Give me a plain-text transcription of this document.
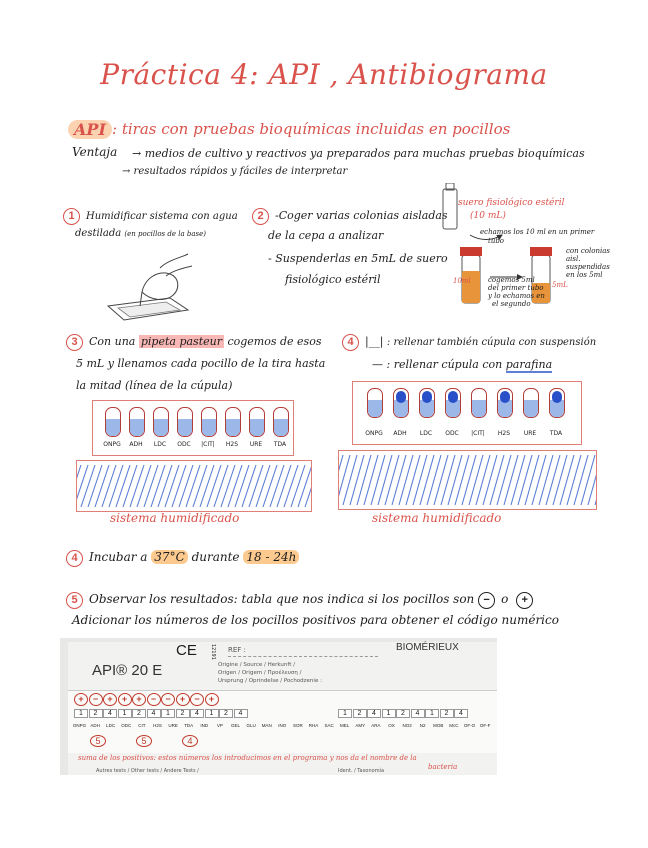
Práctica 4: API , Antibiograma
API : tiras con pruebas bioquímicas incluidas en pocillos
Ventaja → medios de cultivo y reactivos ya preparados para muchas pruebas bioquímicas
→ resultados rápidos y fáciles de interpretar
1 Humidificar sistema con agua
destilada (en pocillos de la base)
2 -Coger varias colonias aisladas
de la cepa a analizar
- Suspenderlas en 5mL de suero
fisiológico estéril
suero fisiológico estéril
(10 mL)
echamos los 10 ml en un primer
tubo
cogemos 5ml
del primer tubo
y lo echamos en
el segundo
con colonias
aisl.
suspendidas
en los 5ml
10ml	5mL
3 Con una pipeta pasteur cogemos de esos
5 mL y llenamos cada pocillo de la tira hasta
la mitad (línea de la cúpula)
4 |__| : rellenar también cúpula con suspensión
— : rellenar cúpula con parafina
ONPG	ADH	LDC	ODC	|CIT|	H2S	URE	TDA
sistema humidificado
ONPG	ADH	LDC	ODC	|CIT|	H2S	URE	TDA
sistema humidificado
4 Incubar a 37°C durante 18 - 24h
5 Observar los resultados: tabla que nos indica si los pocillos son − o +
Adicionar los números de los pocillos positivos para obtener el código numérico
CE	12191 REF :	BIOMÉRIEUX
API® 20 E	Origine / Source / Herkunft /
Origen / Origem / Προέλευση /
Ursprung / Oprindelse / Pochodzenie :
+	−	+	+	+	−	−	+	−	+
1	2	4	1	2	4	1	2	4	1	2	4	1	2	4	1	2	4	1	2	4
ONPG ADH	LDC	ODC	CIT	H2S	URE	TDA	IND	VP	GEL	GLU	MAN	INO	SOR	RHA	SAC	MEL	AMY	ARA	OX	NO2	N2	MOB	McC	OF-O	OF-F
5	5	4
suma de los positivos: estos números los introducimos en el programa y nos da el nombre de la
bacteria
Autres tests / Other tests / Andere Tests /	Ident. / Taxonomía
